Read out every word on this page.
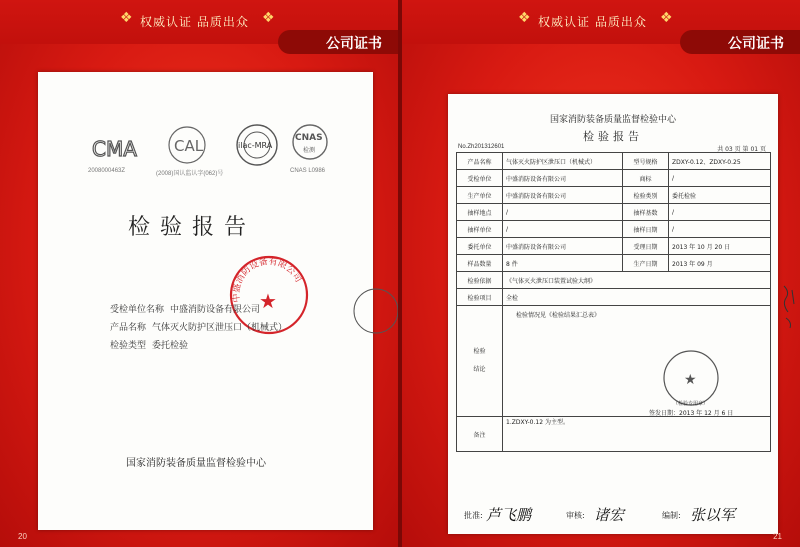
❖ 权威认证 品质出众 ❖
公司证书
CMA
2008000463Z
CAL
(2008)国认监认字(062)号
ilac-MRA
CNAS
检测
CNAS L0986
检验报告
中盛消防设备有限公司
★
受检单位名称 中盛消防设备有限公司
产品名称 气体灭火防护区泄压口（机械式）
检验类型 委托检验
国家消防装备质量监督检验中心
20
❖ 权威认证 品质出众 ❖
公司证书
国家消防装备质量监督检验中心
检验报告
No.Zh201312601	共 03 页 第 01 页
产品名称	气体灭火防护区泄压口（机械式）	型号规格	ZDXY-0.12、ZDXY-0.25
受检单位	中盛消防设备有限公司	商标	/
生产单位	中盛消防设备有限公司	检验类别	委托检验
抽样地点	/	抽样基数	/
抽样单位	/	抽样日期	/
委托单位	中盛消防设备有限公司	受理日期	2013 年 10 月 20 日
样品数量	8 件	生产日期	2013 年 09 月
检验依据	《气体灭火泄压口装置试验大纲》		
检验项目	全检		
检验结论	检验情况见《检验结果汇总表》
★
（检验专用章）
签发日期：2013 年 12 月 6 日		

备注	1.ZDXY-0.12 为主型。		
批准: 芦飞鹏	审核: 诸宏	编制: 张以军
21
